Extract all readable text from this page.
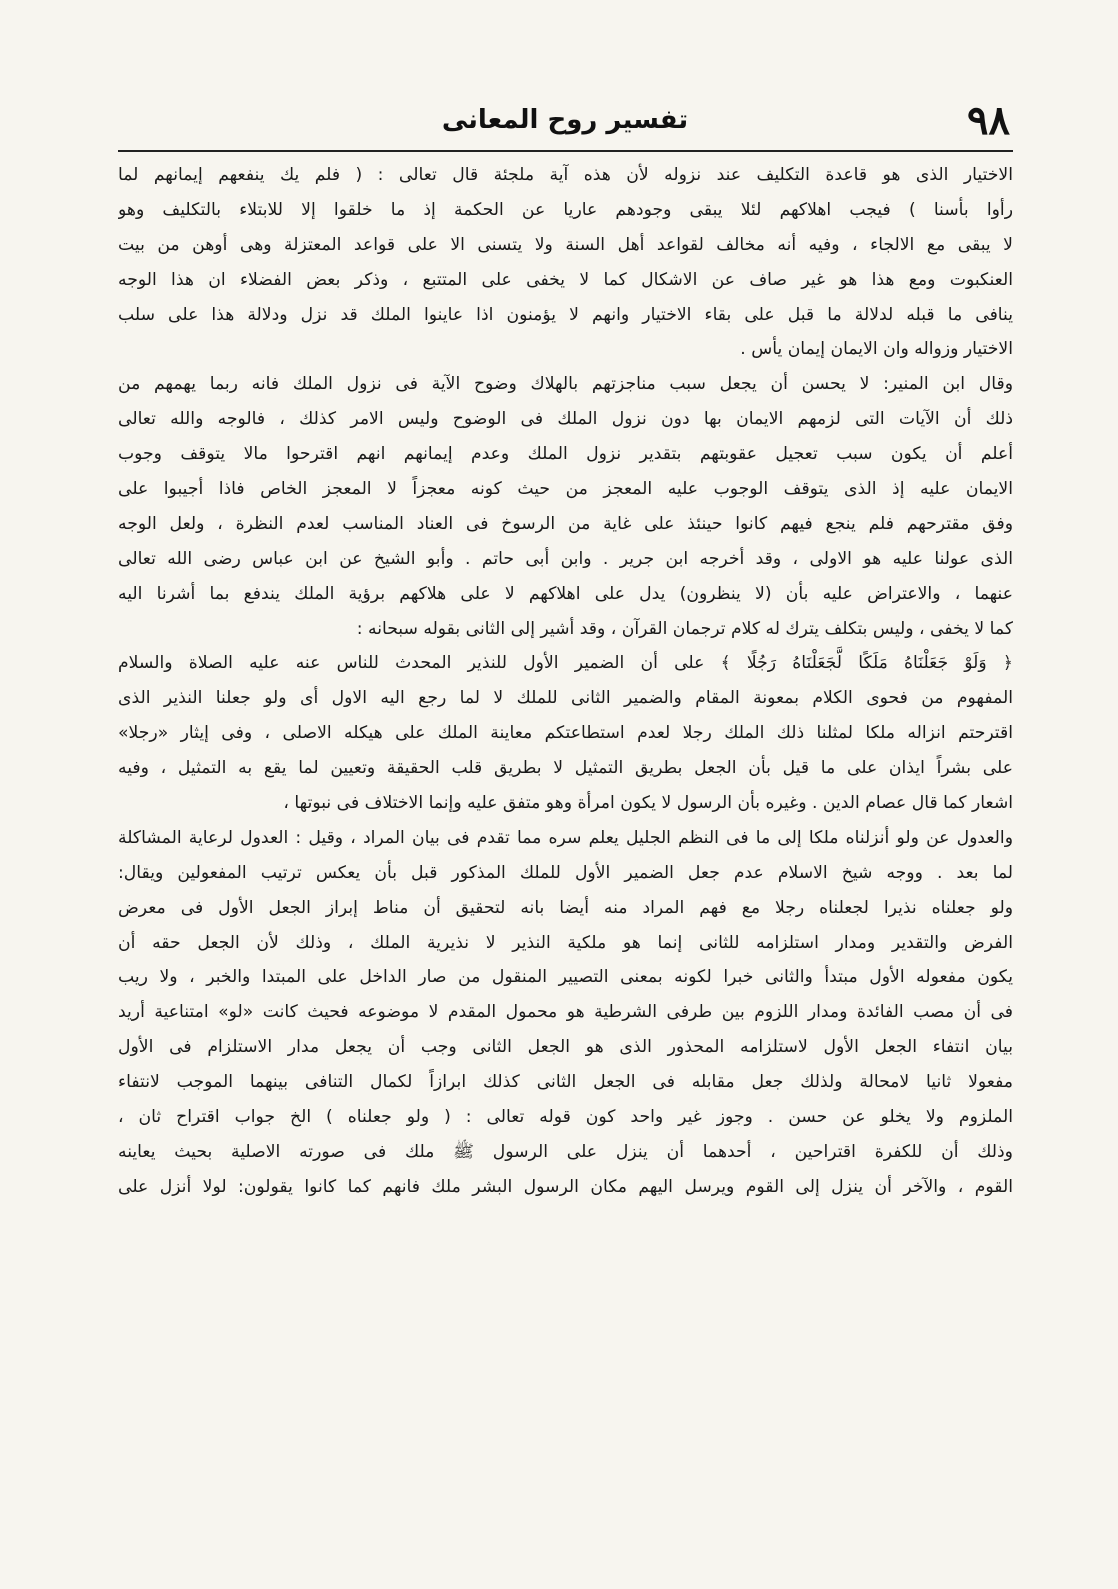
٩٨
تفسير روح المعانى
الاختيار الذى هو قاعدة التكليف عند نزوله لأن هذه آية ملجئة قال تعالى : ( فلم يك ينفعهم إيمانهم لما
رأوا بأسنا ) فيجب اهلاكهم لئلا يبقى وجودهم عاريا عن الحكمة إذ ما خلقوا إلا للابتلاء بالتكليف وهو
لا يبقى مع الالجاء ، وفيه أنه مخالف لقواعد أهل السنة ولا يتسنى الا على قواعد المعتزلة وهى أوهن من بيت
العنكبوت ومع هذا هو غير صاف عن الاشكال كما لا يخفى على المتتبع ، وذكر بعض الفضلاء ان هذا الوجه
ينافى ما قبله لدلالة ما قبل على بقاء الاختيار وانهم لا يؤمنون اذا عاينوا الملك قد نزل ودلالة هذا على سلب
الاختيار وزواله وان الايمان إيمان يأس .
وقال ابن المنير: لا يحسن أن يجعل سبب مناجزتهم بالهلاك وضوح الآية فى نزول الملك فانه ربما يهمهم من
ذلك أن الآيات التى لزمهم الايمان بها دون نزول الملك فى الوضوح وليس الامر كذلك ، فالوجه والله تعالى
أعلم أن يكون سبب تعجيل عقوبتهم بتقدير نزول الملك وعدم إيمانهم انهم اقترحوا مالا يتوقف وجوب
الايمان عليه إذ الذى يتوقف الوجوب عليه المعجز من حيث كونه معجزاً لا المعجز الخاص فاذا أجيبوا على
وفق مقترحهم فلم ينجع فيهم كانوا حينئذ على غاية من الرسوخ فى العناد المناسب لعدم النظرة ، ولعل الوجه
الذى عولنا عليه هو الاولى ، وقد أخرجه ابن جرير . وابن أبى حاتم . وأبو الشيخ عن ابن عباس رضى الله تعالى
عنهما ، والاعتراض عليه بأن (لا ينظرون) يدل على اهلاكهم لا على هلاكهم برؤية الملك يندفع بما أشرنا اليه
كما لا يخفى ، وليس بتكلف يترك له كلام ترجمان القرآن ، وقد أشير إلى الثانى بقوله سبحانه :
﴿ وَلَوْ جَعَلْنَاهُ مَلَكًا لَّجَعَلْنَاهُ رَجُلًا ﴾ على أن الضمير الأول للنذير المحدث للناس عنه عليه الصلاة والسلام
المفهوم من فحوى الكلام بمعونة المقام والضمير الثانى للملك لا لما رجع اليه الاول أى ولو جعلنا النذير الذى
اقترحتم انزاله ملكا لمثلنا ذلك الملك رجلا لعدم استطاعتكم معاينة الملك على هيكله الاصلى ، وفى إيثار «رجلا»
على بشراً ايذان على ما قيل بأن الجعل بطريق التمثيل لا بطريق قلب الحقيقة وتعيين لما يقع به التمثيل ، وفيه
اشعار كما قال عصام الدين . وغيره بأن الرسول لا يكون امرأة وهو متفق عليه وإنما الاختلاف فى نبوتها ،
والعدول عن ولو أنزلناه ملكا إلى ما فى النظم الجليل يعلم سره مما تقدم فى بيان المراد ، وقيل : العدول لرعاية المشاكلة
لما بعد . ووجه شيخ الاسلام عدم جعل الضمير الأول للملك المذكور قبل بأن يعكس ترتيب المفعولين ويقال:
ولو جعلناه نذيرا لجعلناه رجلا مع فهم المراد منه أيضا بانه لتحقيق أن مناط إبراز الجعل الأول فى معرض
الفرض والتقدير ومدار استلزامه للثانى إنما هو ملكية النذير لا نذيرية الملك ، وذلك لأن الجعل حقه أن
يكون مفعوله الأول مبتدأ والثانى خبرا لكونه بمعنى التصيير المنقول من صار الداخل على المبتدا والخبر ، ولا ريب
فى أن مصب الفائدة ومدار اللزوم بين طرفى الشرطية هو محمول المقدم لا موضوعه فحيث كانت «لو» امتناعية أريد
بيان انتفاء الجعل الأول لاستلزامه المحذور الذى هو الجعل الثانى وجب أن يجعل مدار الاستلزام فى الأول
مفعولا ثانيا لامحالة ولذلك جعل مقابله فى الجعل الثانى كذلك ابرازاً لكمال التنافى بينهما الموجب لانتفاء
الملزوم ولا يخلو عن حسن . وجوز غير واحد كون قوله تعالى : ( ولو جعلناه ) الخ جواب اقتراح ثان ،
وذلك أن للكفرة اقتراحين ، أحدهما أن ينزل على الرسول ﷺ ملك فى صورته الاصلية بحيث يعاينه
القوم ، والآخر أن ينزل إلى القوم ويرسل اليهم مكان الرسول البشر ملك فانهم كما كانوا يقولون: لولا أنزل على
